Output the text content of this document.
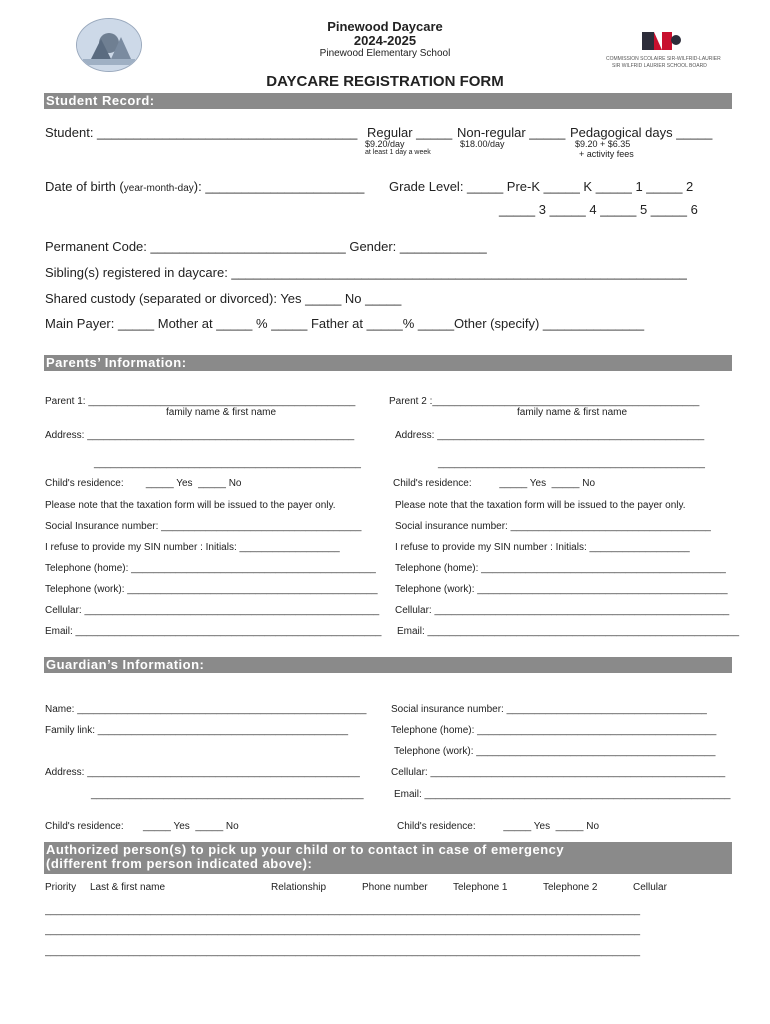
COMMISSION SCOLAIRE SIR-WILFRID-LAURIER
SIR WILFRID LAURIER SCHOOL BOARD
Pinewood Daycare
2024-2025
Pinewood Elementary School
DAYCARE REGISTRATION FORM
Student Record:
Student: ____________________________________ Regular _____
$9.20/day
at least 1 day a week
Non-regular _____
$18.00/day
Pedagogical days _____
$9.20 + $6.35
+ activity fees
Date of birth (year-month-day): ______________________ Grade Level: _____ Pre-K _____ K _____ 1 _____ 2
_____ 3 _____ 4 _____ 5 _____ 6
Permanent Code: ___________________________ Gender: ____________
Sibling(s) registered in daycare: _______________________________________________________________
Shared custody (separated or divorced): Yes _____ No _____
Main Payer: _____ Mother at _____ % _____ Father at _____% _____Other (specify) ______________
Parents’ Information:
Parent 1: ________________________________________________
family name & first name
Parent 2 :________________________________________________
family name & first name
Address: ________________________________________________
________________________________________________
Address: ________________________________________________
________________________________________________
Child's residence:        _____ Yes  _____ No	Child's residence:          _____ Yes  _____ No
Please note that the taxation form will be issued to the payer only.	Please note that the taxation form will be issued to the payer only.
Social Insurance number: ____________________________________	Social insurance number: ____________________________________
I refuse to provide my SIN number : Initials: __________________	I refuse to provide my SIN number : Initials: __________________
Telephone (home): ____________________________________________ Telephone (home): ____________________________________________
Telephone (work): _____________________________________________ Telephone (work): _____________________________________________
Cellular: _____________________________________________________ Cellular: _____________________________________________________
Email: _______________________________________________________ Email: ________________________________________________________
Guardian’s Information:
Name: ____________________________________________________
Family link: _____________________________________________
Address: _________________________________________________
_________________________________________________
Child's residence:       _____ Yes  _____ No
Social insurance number: ____________________________________
Telephone (home): ___________________________________________
Telephone (work): ___________________________________________
Cellular: _____________________________________________________
Email: _______________________________________________________
Child's residence:          _____ Yes  _____ No
Authorized person(s) to pick up your child or to contact in case of emergency
(different from person indicated above):
Priority Last & first name	Relationship	Phone number	Telephone 1	Telephone 2	Cellular
___________________________________________________________________________________________________________
___________________________________________________________________________________________________________
___________________________________________________________________________________________________________
